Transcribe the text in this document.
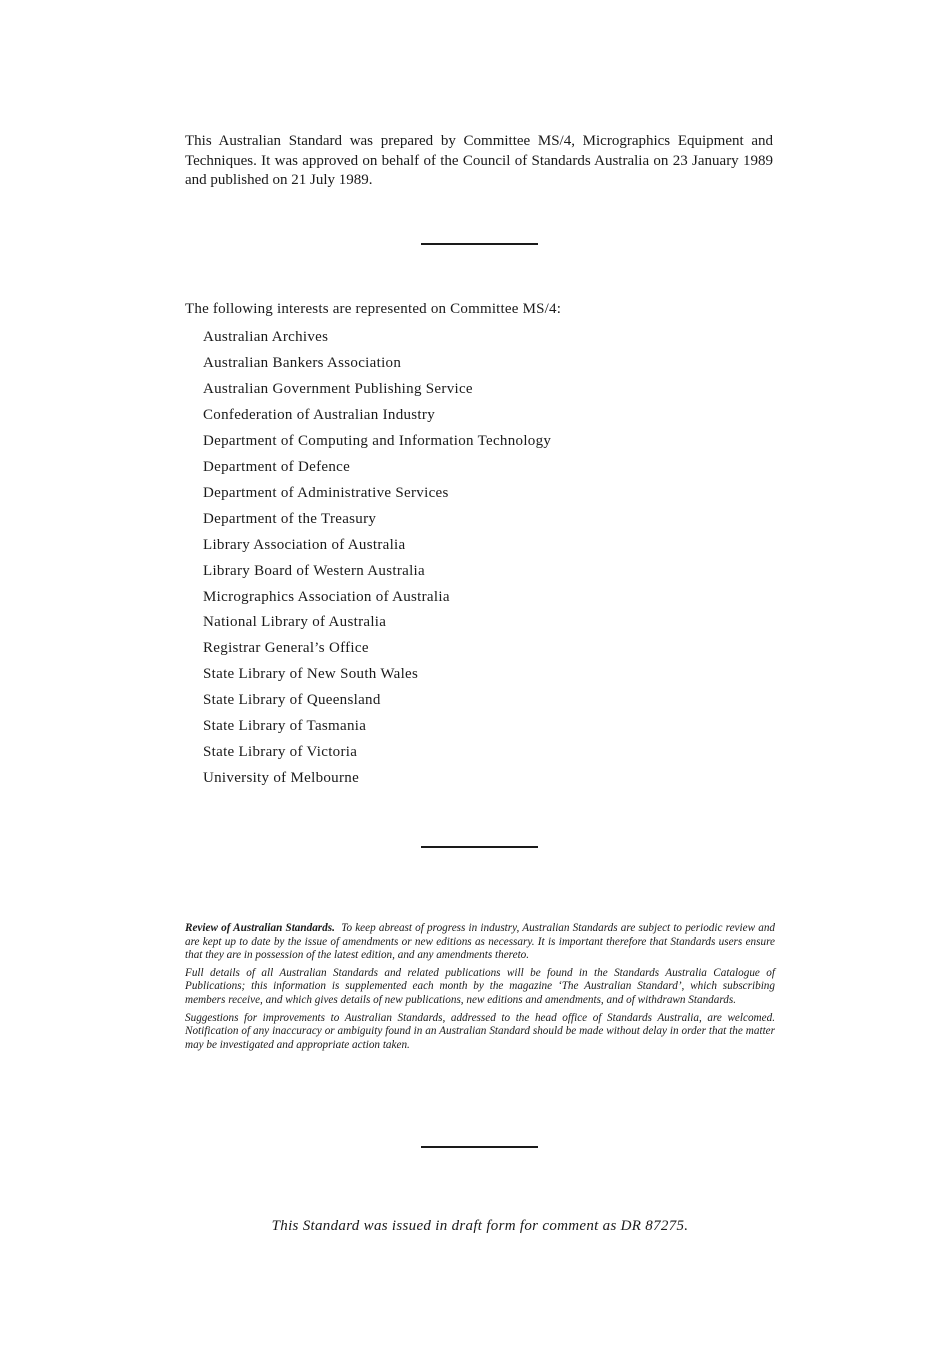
This Australian Standard was prepared by Committee MS/4, Micrographics Equipment and Techniques. It was approved on behalf of the Council of Standards Australia on 23 January 1989 and published on 21 July 1989.

The following interests are represented on Committee MS/4:

Australian Archives
Australian Bankers Association
Australian Government Publishing Service
Confederation of Australian Industry
Department of Computing and Information Technology
Department of Defence
Department of Administrative Services
Department of the Treasury
Library Association of Australia
Library Board of Western Australia
Micrographics Association of Australia
National Library of Australia
Registrar General’s Office
State Library of New South Wales
State Library of Queensland
State Library of Tasmania
State Library of Victoria
University of Melbourne

Review of Australian Standards. To keep abreast of progress in industry, Australian Standards are subject to periodic review and are kept up to date by the issue of amendments or new editions as necessary. It is important therefore that Standards users ensure that they are in possession of the latest edition, and any amendments thereto.

Full details of all Australian Standards and related publications will be found in the Standards Australia Catalogue of Publications; this information is supplemented each month by the magazine ‘The Australian Standard’, which subscribing members receive, and which gives details of new publications, new editions and amendments, and of withdrawn Standards.

Suggestions for improvements to Australian Standards, addressed to the head office of Standards Australia, are welcomed. Notification of any inaccuracy or ambiguity found in an Australian Standard should be made without delay in order that the matter may be investigated and appropriate action taken.

This Standard was issued in draft form for comment as DR 87275.
